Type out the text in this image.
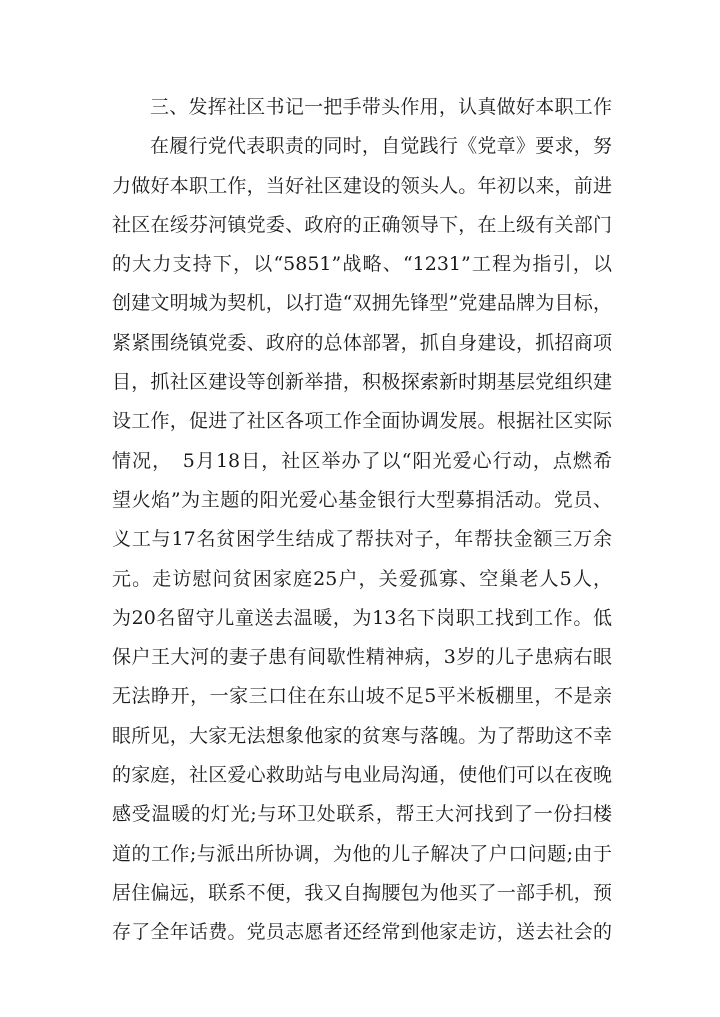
三、发挥社区书记一把手带头作用，认真做好本职工作
在履行党代表职责的同时，自觉践行《党章》要求，努
力做好本职工作，当好社区建设的领头人。年初以来，前进
社区在绥芬河镇党委、政府的正确领导下，在上级有关部门
的大力支持下，以“5851”战略、“1231”工程为指引，以
创建文明城为契机，以打造“双拥先锋型”党建品牌为目标，
紧紧围绕镇党委、政府的总体部署，抓自身建设，抓招商项
目，抓社区建设等创新举措，积极探索新时期基层党组织建
设工作，促进了社区各项工作全面协调发展。根据社区实际
情况，　5月18日，社区举办了以“阳光爱心行动，点燃希
望火焰”为主题的阳光爱心基金银行大型募捐活动。党员、
义工与17名贫困学生结成了帮扶对子，年帮扶金额三万余
元。走访慰问贫困家庭25户，关爱孤寡、空巢老人5人，
为20名留守儿童送去温暖，为13名下岗职工找到工作。低
保户王大河的妻子患有间歇性精神病，3岁的儿子患病右眼
无法睁开，一家三口住在东山坡不足5平米板棚里，不是亲
眼所见，大家无法想象他家的贫寒与落魄。为了帮助这不幸
的家庭，社区爱心救助站与电业局沟通，使他们可以在夜晚
感受温暖的灯光;与环卫处联系，帮王大河找到了一份扫楼
道的工作;与派出所协调，为他的儿子解决了户口问题;由于
居住偏远，联系不便，我又自掏腰包为他买了一部手机，预
存了全年话费。党员志愿者还经常到他家走访，送去社会的
